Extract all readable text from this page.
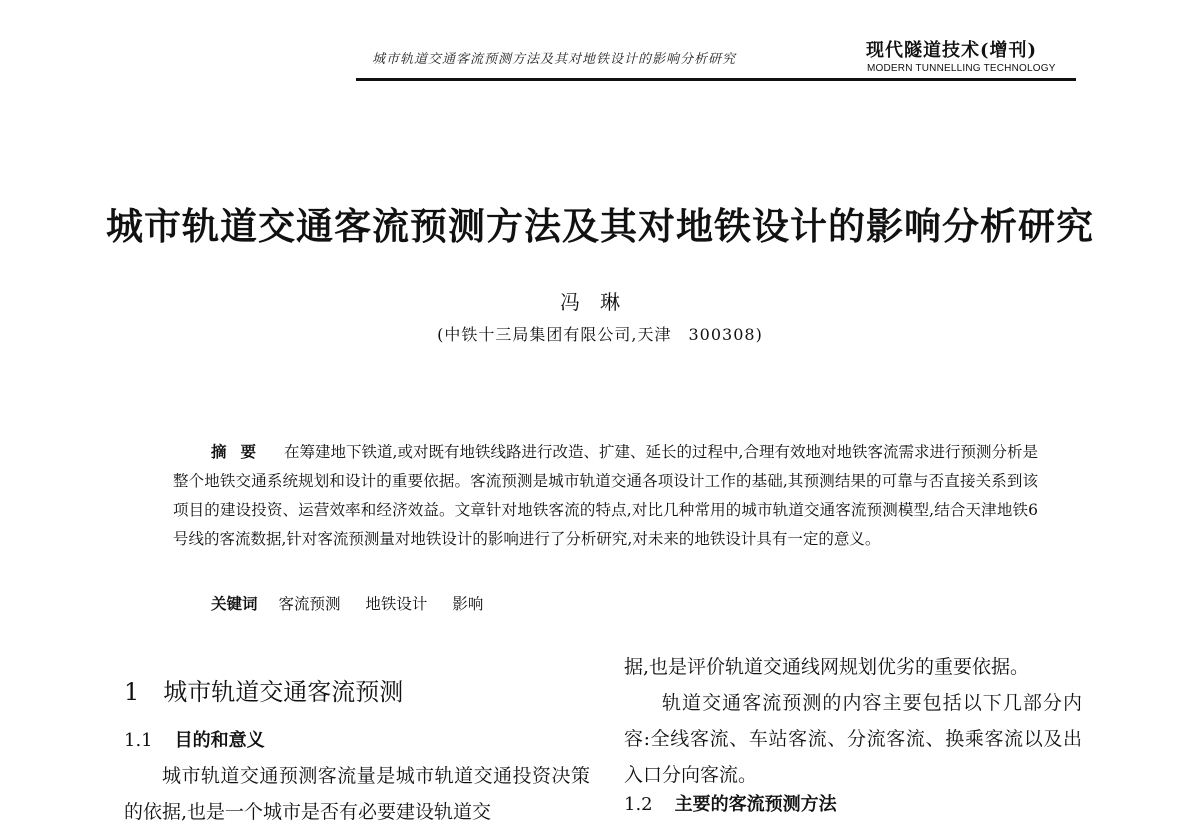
城市轨道交通客流预测方法及其对地铁设计的影响分析研究	现代隧道技术(增刊)
MODERN TUNNELLING TECHNOLOGY
城市轨道交通客流预测方法及其对地铁设计的影响分析研究
冯琳
(中铁十三局集团有限公司,天津　300308)
摘要 在筹建地下铁道,或对既有地铁线路进行改造、扩建、延长的过程中,合理有效地对地铁客流需求进行预测分析是整个地铁交通系统规划和设计的重要依据。客流预测是城市轨道交通各项设计工作的基础,其预测结果的可靠与否直接关系到该项目的建设投资、运营效率和经济效益。文章针对地铁客流的特点,对比几种常用的城市轨道交通客流预测模型,结合天津地铁6号线的客流数据,针对客流预测量对地铁设计的影响进行了分析研究,对未来的地铁设计具有一定的意义。
关键词 客流预测 地铁设计 影响
1 城市轨道交通客流预测
1.1 目的和意义
城市轨道交通预测客流量是城市轨道交通投资决策的依据,也是一个城市是否有必要建设轨道交

据,也是评价轨道交通线网规划优劣的重要依据。

轨道交通客流预测的内容主要包括以下几部分内容:全线客流、车站客流、分流客流、换乘客流以及出入口分向客流。

1.2 主要的客流预测方法
